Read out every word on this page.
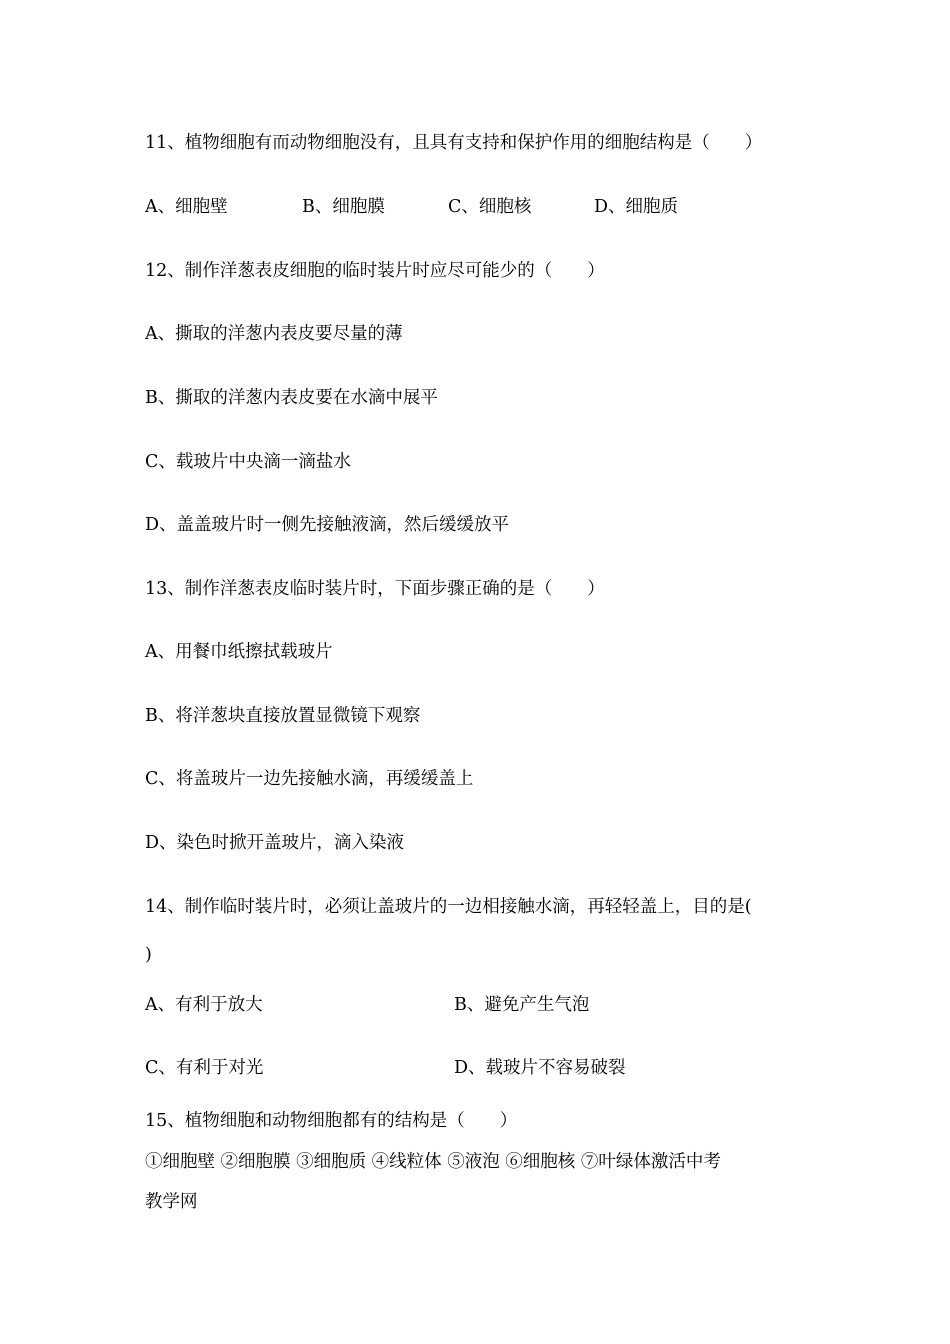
11、植物细胞有而动物细胞没有，且具有支持和保护作用的细胞结构是（　　）
A、细胞壁	B、细胞膜	C、细胞核	D、细胞质
12、制作洋葱表皮细胞的临时装片时应尽可能少的（　　）
A、撕取的洋葱内表皮要尽量的薄
B、撕取的洋葱内表皮要在水滴中展平
C、载玻片中央滴一滴盐水
D、盖盖玻片时一侧先接触液滴，然后缓缓放平
13、制作洋葱表皮临时装片时，下面步骤正确的是（　　）
A、用餐巾纸擦拭载玻片
B、将洋葱块直接放置显微镜下观察
C、将盖玻片一边先接触水滴，再缓缓盖上
D、染色时掀开盖玻片，滴入染液
14、制作临时装片时，必须让盖玻片的一边相接触水滴，再轻轻盖上，目的是(
)
A、有利于放大	B、避免产生气泡
C、有利于对光	D、载玻片不容易破裂
15、植物细胞和动物细胞都有的结构是（　　）
①细胞壁 ②细胞膜 ③细胞质 ④线粒体 ⑤液泡 ⑥细胞核 ⑦叶绿体激活中考
教学网
